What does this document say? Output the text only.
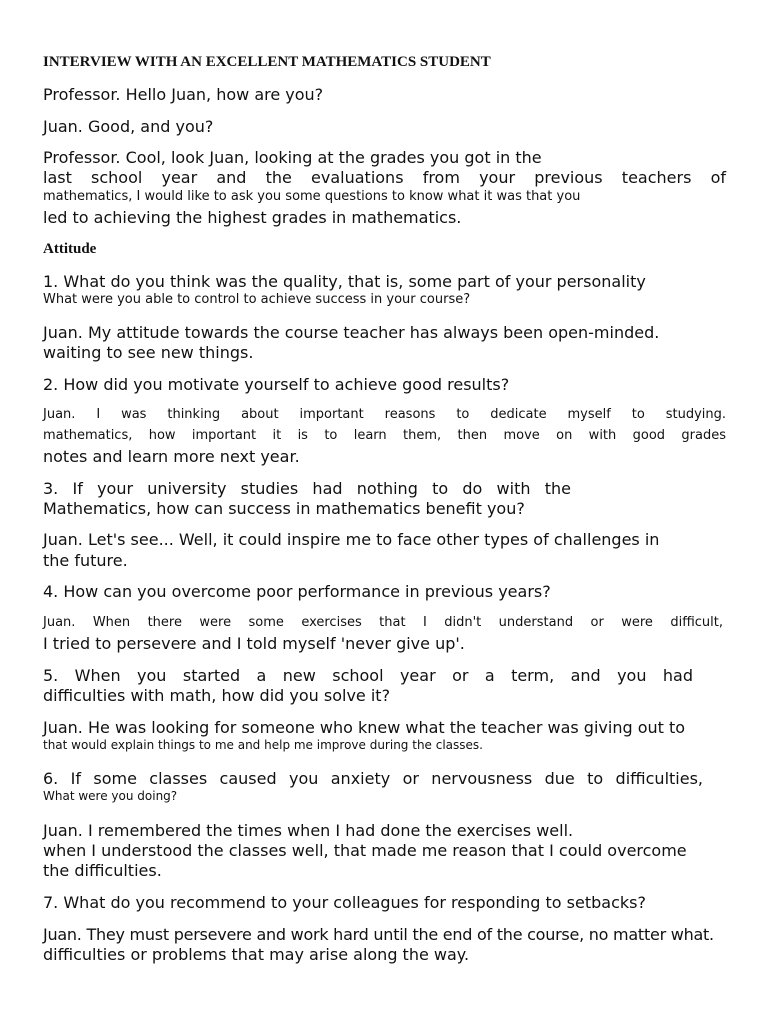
INTERVIEW WITH AN EXCELLENT MATHEMATICS STUDENT
Professor. Hello Juan, how are you?
Juan. Good, and you?
Professor. Cool, look Juan, looking at the grades you got in the
last school year and the evaluations from your previous teachers of
mathematics, I would like to ask you some questions to know what it was that you
led to achieving the highest grades in mathematics.
Attitude
1. What do you think was the quality, that is, some part of your personality
What were you able to control to achieve success in your course?
Juan. My attitude towards the course teacher has always been open-minded.
waiting to see new things.
2. How did you motivate yourself to achieve good results?
Juan. I was thinking about important reasons to dedicate myself to studying.
mathematics, how important it is to learn them, then move on with good grades
notes and learn more next year.
3. If your university studies had nothing to do with the
Mathematics, how can success in mathematics benefit you?
Juan. Let's see... Well, it could inspire me to face other types of challenges in
the future.
4. How can you overcome poor performance in previous years?
Juan. When there were some exercises that I didn't understand or were difficult,
I tried to persevere and I told myself 'never give up'.
5. When you started a new school year or a term, and you had
difficulties with math, how did you solve it?
Juan. He was looking for someone who knew what the teacher was giving out to
that would explain things to me and help me improve during the classes.
6. If some classes caused you anxiety or nervousness due to difficulties,
What were you doing?
Juan. I remembered the times when I had done the exercises well.
when I understood the classes well, that made me reason that I could overcome
the difficulties.
7. What do you recommend to your colleagues for responding to setbacks?
Juan. They must persevere and work hard until the end of the course, no matter what.
difficulties or problems that may arise along the way.
